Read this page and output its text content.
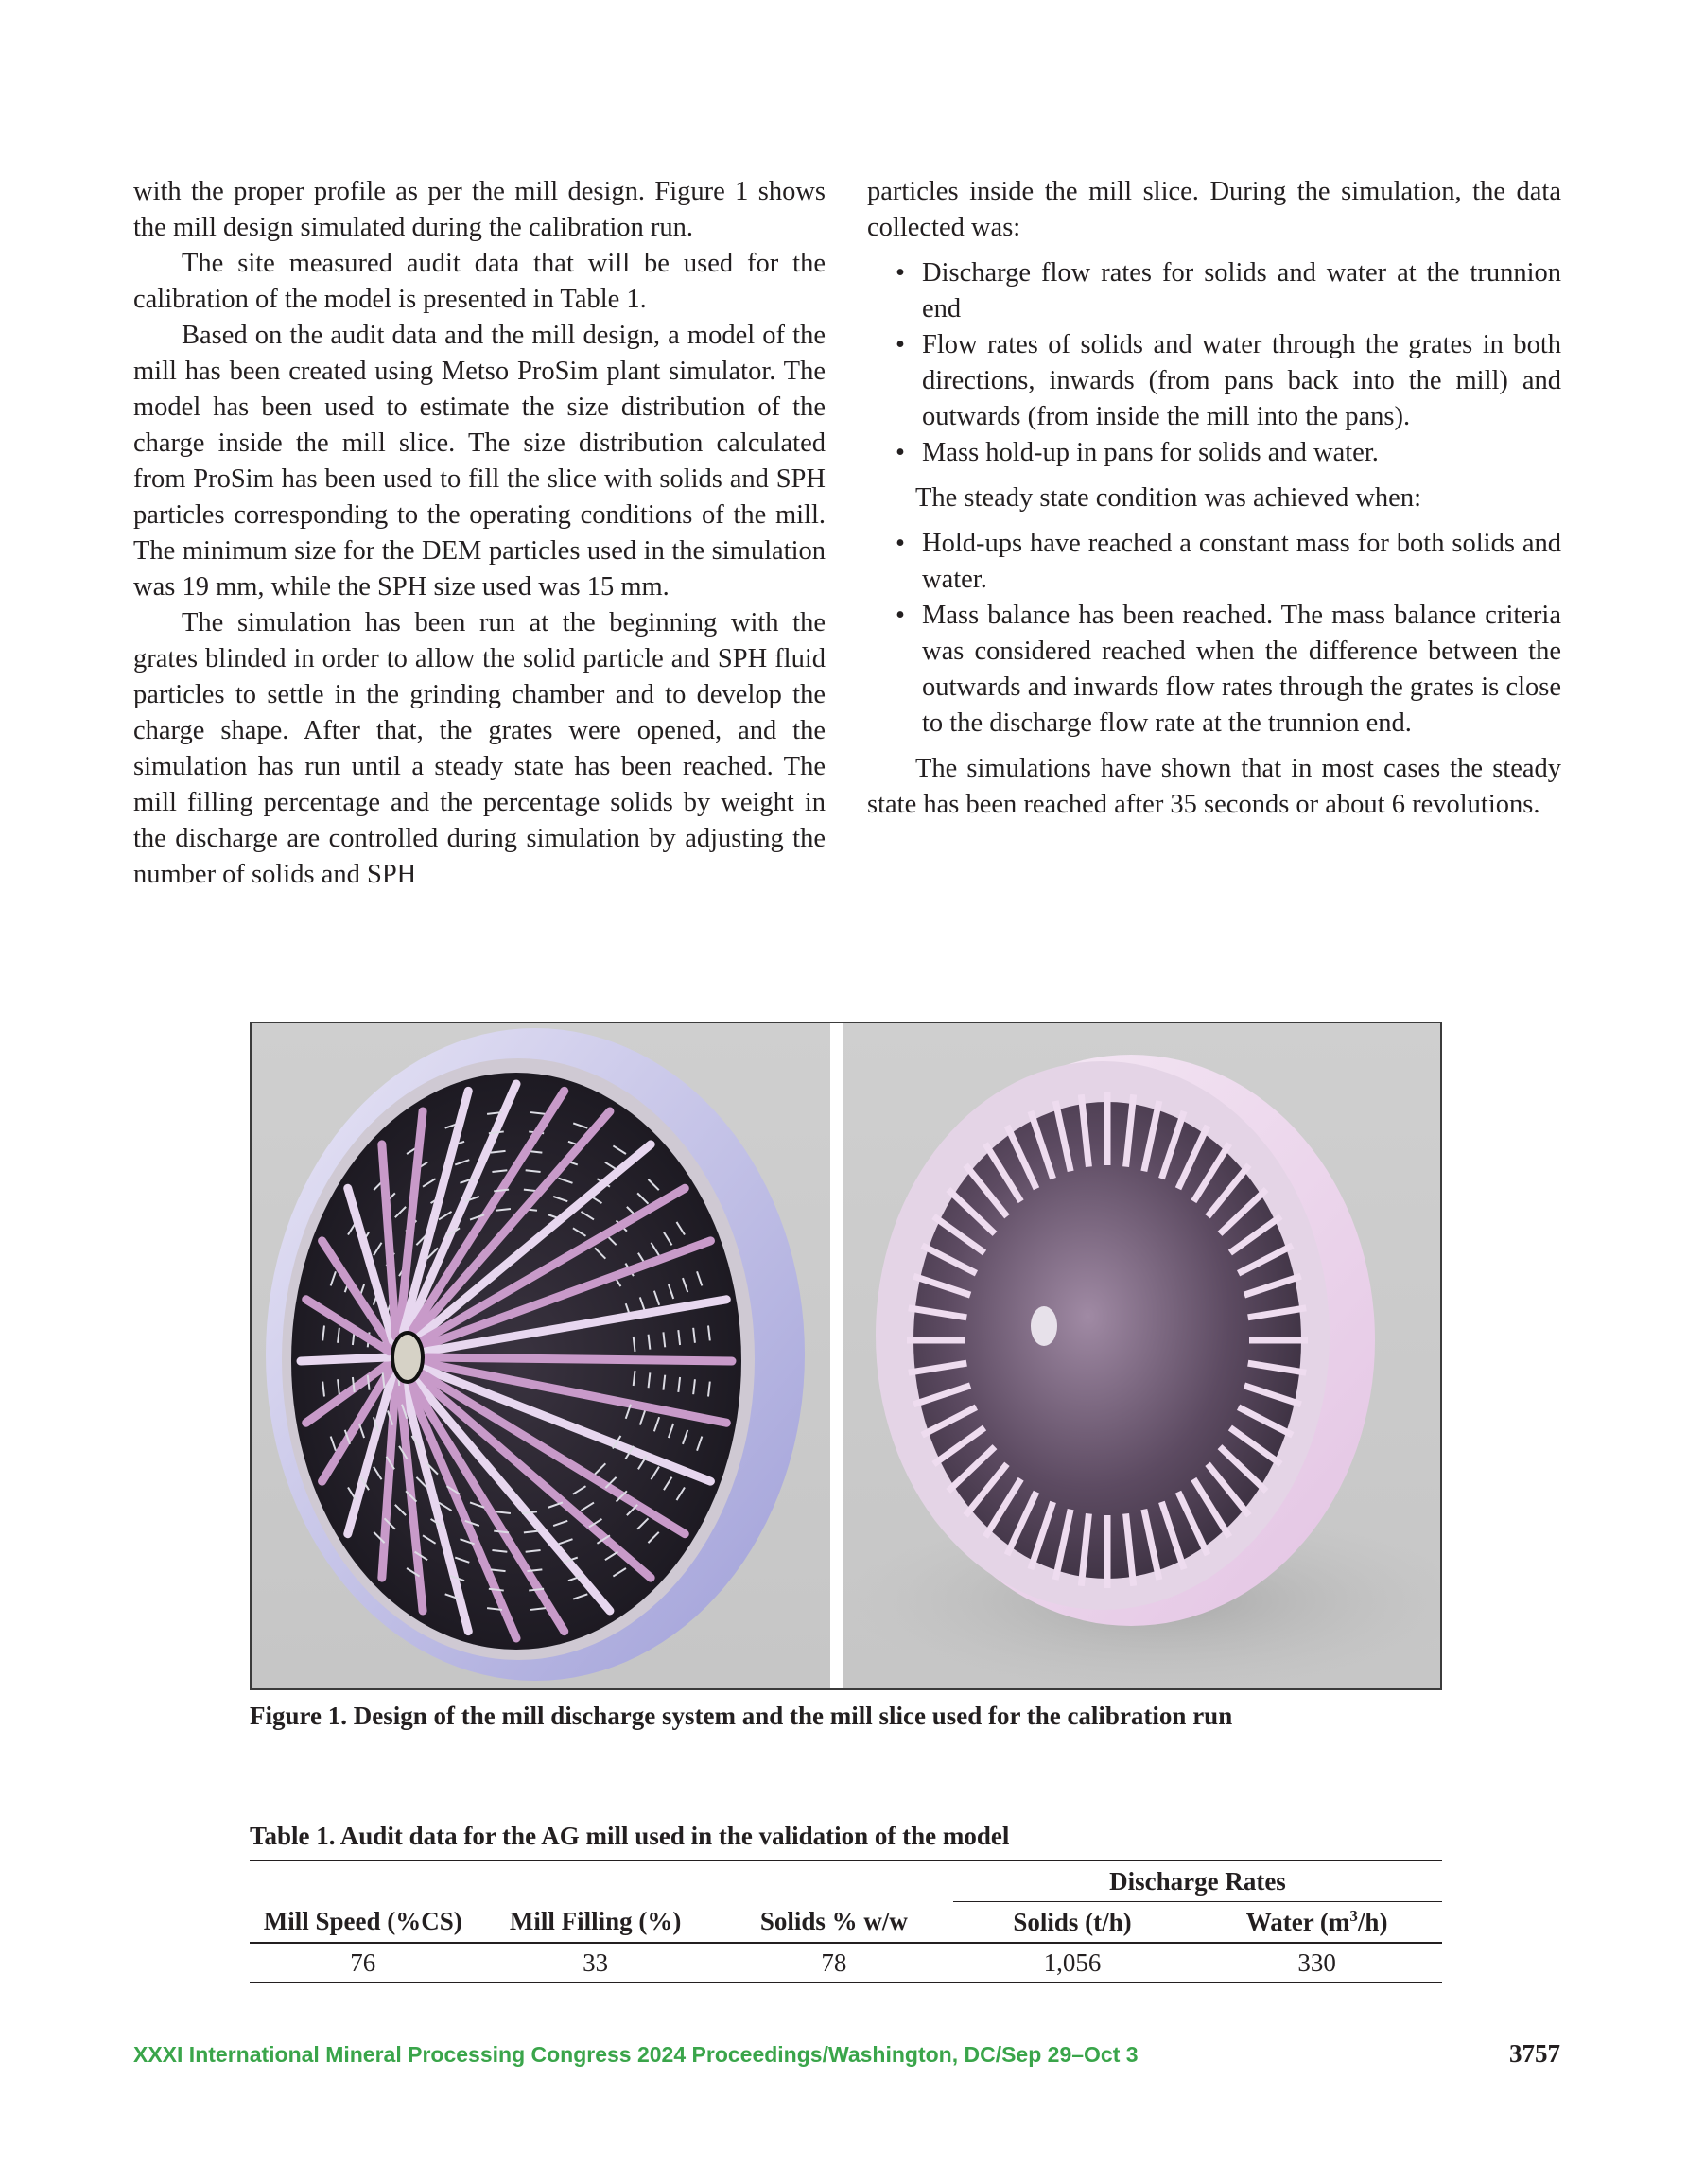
with the proper profile as per the mill design. Figure 1 shows the mill design simulated during the calibration run.

The site measured audit data that will be used for the calibration of the model is presented in Table 1.

Based on the audit data and the mill design, a model of the mill has been created using Metso ProSim plant simulator. The model has been used to estimate the size distribution of the charge inside the mill slice. The size distribution calculated from ProSim has been used to fill the slice with solids and SPH particles corresponding to the operating conditions of the mill. The minimum size for the DEM particles used in the simulation was 19 mm, while the SPH size used was 15 mm.

The simulation has been run at the beginning with the grates blinded in order to allow the solid particle and SPH fluid particles to settle in the grinding chamber and to develop the charge shape. After that, the grates were opened, and the simulation has run until a steady state has been reached. The mill filling percentage and the percentage solids by weight in the discharge are controlled during simulation by adjusting the number of solids and SPH

particles inside the mill slice. During the simulation, the data collected was:

• Discharge flow rates for solids and water at the trunnion end
• Flow rates of solids and water through the grates in both directions, inwards (from pans back into the mill) and outwards (from inside the mill into the pans).
• Mass hold-up in pans for solids and water.

The steady state condition was achieved when:

• Hold-ups have reached a constant mass for both solids and water.
• Mass balance has been reached. The mass balance criteria was considered reached when the difference between the outwards and inwards flow rates through the grates is close to the discharge flow rate at the trunnion end.

The simulations have shown that in most cases the steady state has been reached after 35 seconds or about 6 revolutions.

Figure 1. Design of the mill discharge system and the mill slice used for the calibration run
Table 1. Audit data for the AG mill used in the validation of the model
			Discharge Rates	
Mill Speed (%CS)	Mill Filling (%)	Solids % w/w	Solids (t/h)	Water $(m^3/h)$
76	33	78	1,056	330
XXXI International Mineral Processing Congress 2024 Proceedings/Washington, DC/Sep 29–Oct 3	3757
